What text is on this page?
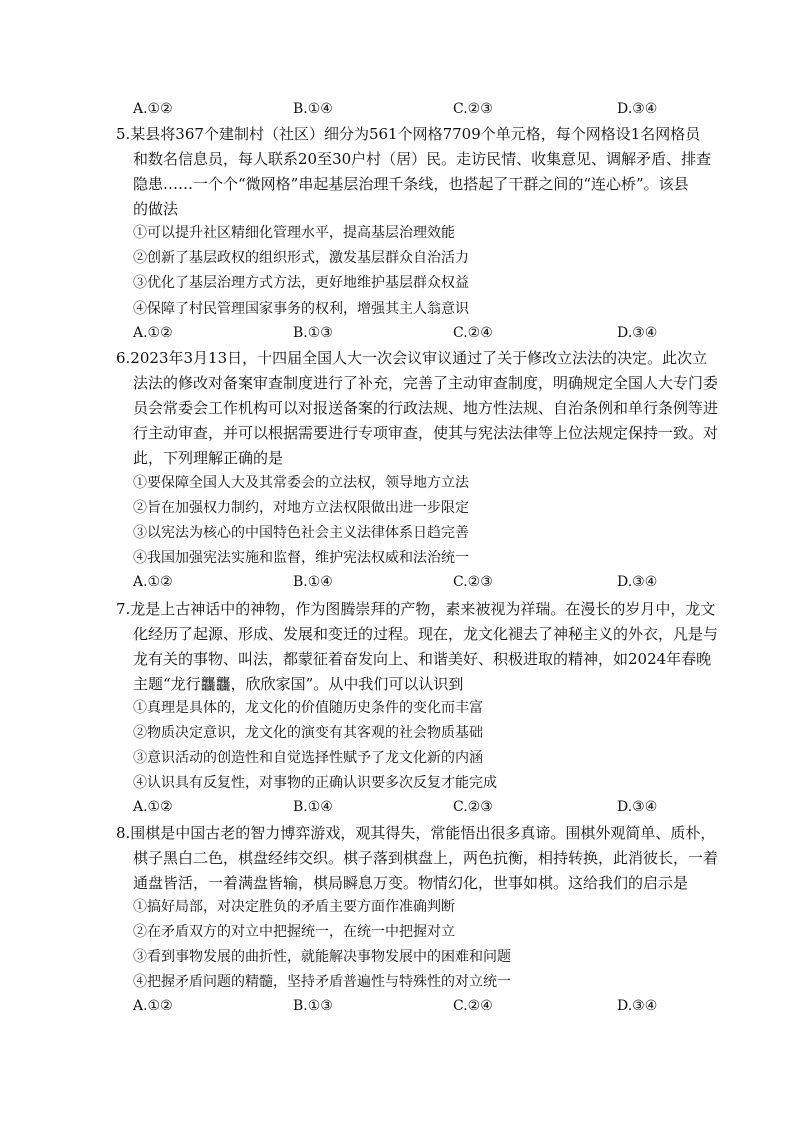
A.①②	B.①④	C.②③	D.③④

5.某县将367个建制村（社区）细分为561个网格7709个单元格，每个网格设1名网格员

和数名信息员，每人联系20至30户村（居）民。走访民情、收集意见、调解矛盾、排查

隐患……一个个“微网格”串起基层治理千条线，也搭起了干群之间的“连心桥”。该县

的做法

①可以提升社区精细化管理水平，提高基层治理效能
②创新了基层政权的组织形式，激发基层群众自治活力
③优化了基层治理方式方法，更好地维护基层群众权益
④保障了村民管理国家事务的权利，增强其主人翁意识
A.①②	B.①③	C.②④	D.③④

6.2023年3月13日，十四届全国人大一次会议审议通过了关于修改立法法的决定。此次立

法法的修改对备案审查制度进行了补充，完善了主动审查制度，明确规定全国人大专门委

员会常委会工作机构可以对报送备案的行政法规、地方性法规、自治条例和单行条例等进

行主动审查，并可以根据需要进行专项审查，使其与宪法法律等上位法规定保持一致。对

此，下列理解正确的是

①要保障全国人大及其常委会的立法权，领导地方立法
②旨在加强权力制约，对地方立法权限做出进一步限定
③以宪法为核心的中国特色社会主义法律体系日趋完善
④我国加强宪法实施和监督，维护宪法权威和法治统一
A.①②	B.①④	C.②③	D.③④

7.龙是上古神话中的神物，作为图腾崇拜的产物，素来被视为祥瑞。在漫长的岁月中，龙文

化经历了起源、形成、发展和变迁的过程。现在，龙文化褪去了神秘主义的外衣，凡是与

龙有关的事物、叫法，都蒙征着奋发向上、和谐美好、积极进取的精神，如2024年春晚

主题“龙行龘龘，欣欣家国”。从中我们可以认识到

①真理是具体的，龙文化的价值随历史条件的变化而丰富
②物质决定意识，龙文化的演变有其客观的社会物质基础
③意识活动的创造性和自觉选择性赋予了龙文化新的内涵
④认识具有反复性，对事物的正确认识要多次反复才能完成
A.①②	B.①④	C.②③	D.③④

8.围棋是中国古老的智力博弈游戏，观其得失，常能悟出很多真谛。围棋外观简单、质朴，

棋子黑白二色，棋盘经纬交织。棋子落到棋盘上，两色抗衡，相持转换，此消彼长，一着

通盘皆活，一着满盘皆输，棋局瞬息万变。物情幻化，世事如棋。这给我们的启示是

①搞好局部，对决定胜负的矛盾主要方面作准确判断
②在矛盾双方的对立中把握统一，在统一中把握对立
③看到事物发展的曲折性，就能解决事物发展中的困难和问题
④把握矛盾问题的精髓，坚持矛盾普遍性与特殊性的对立统一
A.①②	B.①③	C.②④	D.③④
